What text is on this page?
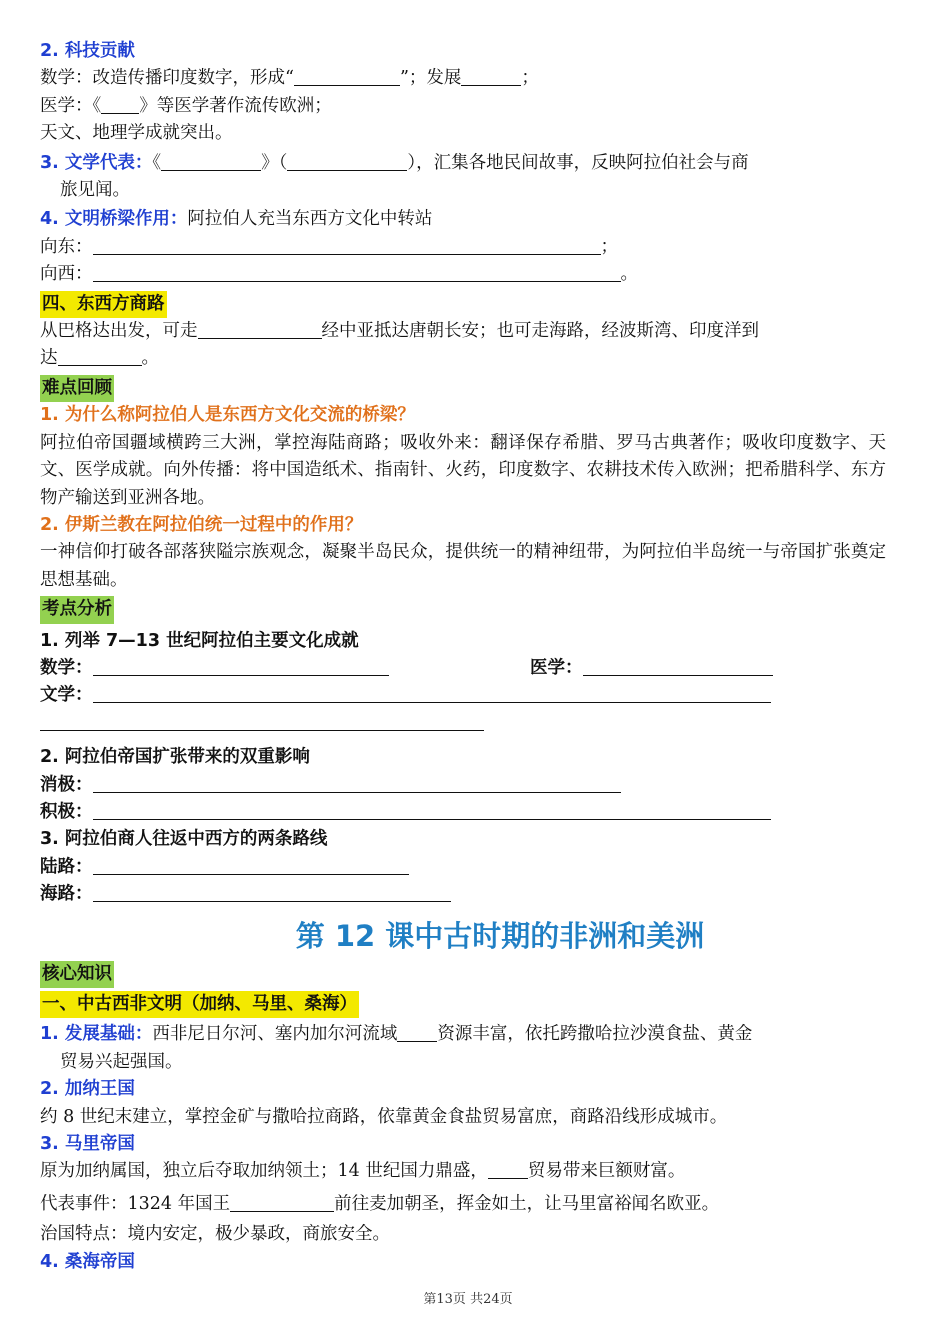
2. 科技贡献
数学：改造传播印度数字，形成“	”；发展	；
医学：《 》等医学著作流传欧洲；
天文、地理学成就突出。
3. 文学代表：《	》（	），汇集各地民间故事，反映阿拉伯社会与商
旅见闻。
4. 文明桥梁作用：阿拉伯人充当东西方文化中转站
向东：	；
向西：	。
四、东西方商路
从巴格达出发，可走	经中亚抵达唐朝长安；也可走海路，经波斯湾、印度洋到
达	。
难点回顾
1. 为什么称阿拉伯人是东西方文化交流的桥梁？
阿拉伯帝国疆域横跨三大洲，掌控海陆商路；吸收外来：翻译保存希腊、罗马古典著作；吸收印度数字、天文、医学成就。向外传播：将中国造纸术、指南针、火药，印度数字、农耕技术传入欧洲；把希腊科学、东方物产输送到亚洲各地。
2. 伊斯兰教在阿拉伯统一过程中的作用？
一神信仰打破各部落狭隘宗族观念，凝聚半岛民众，提供统一的精神纽带，为阿拉伯半岛统一与帝国扩张奠定思想基础。
考点分析
1. 列举 7—13 世纪阿拉伯主要文化成就
数学：	医学：
文学：
2. 阿拉伯帝国扩张带来的双重影响
消极：
积极：
3. 阿拉伯商人往返中西方的两条路线
陆路：
海路：
第 12 课中古时期的非洲和美洲
核心知识
一、中古西非文明（加纳、马里、桑海）
1. 发展基础：西非尼日尔河、塞内加尔河流域 资源丰富，依托跨撒哈拉沙漠食盐、黄金
贸易兴起强国。
2. 加纳王国
约 8 世纪末建立，掌控金矿与撒哈拉商路，依靠黄金食盐贸易富庶，商路沿线形成城市。
3. 马里帝国
原为加纳属国，独立后夺取加纳领土；14 世纪国力鼎盛， 贸易带来巨额财富。
代表事件：1324 年国王	前往麦加朝圣，挥金如土，让马里富裕闻名欧亚。
治国特点：境内安定，极少暴政，商旅安全。
4. 桑海帝国
第13页 共24页
